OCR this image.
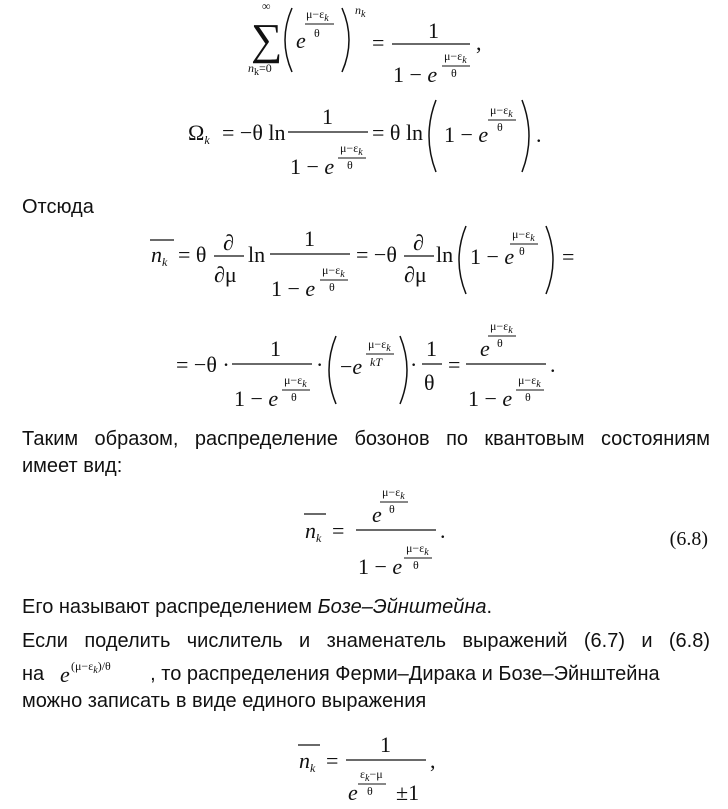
∑
∞
$n_k=0$
e
$\mu-\varepsilon_k$
θ
$n_k$
= 1
1 − e
$\mu-\varepsilon_k$
θ
,
Ωk = −θ ln
1
1 − e
$\mu-\varepsilon_k$
θ
= θ ln 1 − e
$\mu-\varepsilon_k$
θ .
nk = θ ∂
∂μ
ln
1
1 − e
$\mu-\varepsilon_k$
θ
= −θ ∂
∂μ
ln 1 − e
$\mu-\varepsilon_k$
θ =
= −θ ·
1
1 − e
$\mu-\varepsilon_k$
θ
· −e
$\mu-\varepsilon_k$
kT ·
1
θ
=
e
$\mu-\varepsilon_k$
θ
1 − e
$\mu-\varepsilon_k$
θ
.
nk =
e
$\mu-\varepsilon_k$
θ
1 − e
$\mu-\varepsilon_k$
θ
.
e $(\mu-\varepsilon_k)/\theta$
nk =
1
e
$\varepsilon_k-\mu$
θ ±1
,
Отсюда
Таким образом, распределение бозонов по квантовым состояниям
имеет вид:
(6.8)
Его называют распределением Бозе–Эйнштейна.
Если поделить числитель и знаменатель выражений (6.7) и (6.8)
на	, то распределения Ферми–Дирака и Бозе–Эйнштейна
можно записать в виде единого выражения
